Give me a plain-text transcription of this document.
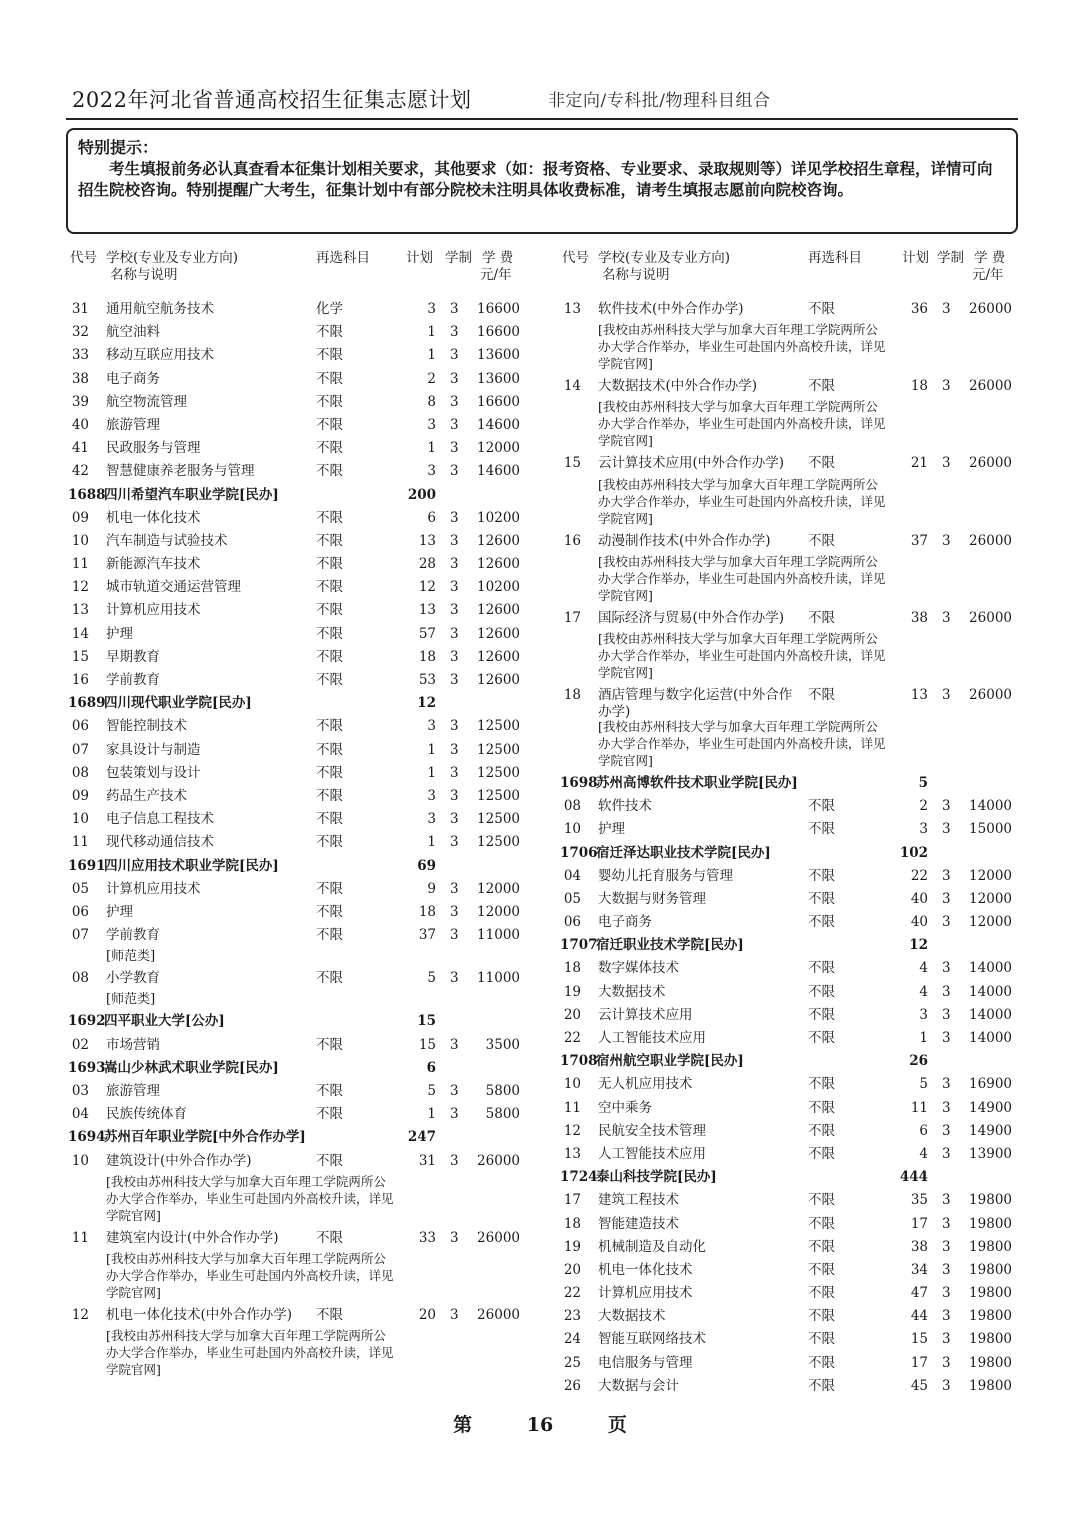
2022年河北省普通高校招生征集志愿计划	非定向/专科批/物理科目组合
特别提示：
考生填报前务必认真查看本征集计划相关要求，其他要求（如：报考资格、专业要求、录取规则等）详见学校招生章程，详情可向招生院校咨询。特别提醒广大考生，征集计划中有部分院校未注明具体收费标准，请考生填报志愿前向院校咨询。
代号 学校(专业及专业方向)
名称与说明
再选科目	计划 学制 学 费
元/年
31 通用航空航务技术	化学	3 3 16600
32 航空油料	不限	1 3 16600
33 移动互联应用技术	不限	1 3 13600
38 电子商务	不限	2 3 13600
39 航空物流管理	不限	8 3 16600
40 旅游管理	不限	3 3 14600
41 民政服务与管理	不限	1 3 12000
42 智慧健康养老服务与管理	不限	3 3 14600
1688
四川希望汽车职业学院[民办]	200
09 机电一体化技术	不限	6 3 10200
10 汽车制造与试验技术	不限	13 3 12600
11 新能源汽车技术	不限	28 3 12600
12 城市轨道交通运营管理	不限	12 3 10200
13 计算机应用技术	不限	13 3 12600
14 护理	不限	57 3 12600
15 早期教育	不限	18 3 12600
16 学前教育	不限	53 3 12600
1689
四川现代职业学院[民办]	12
06 智能控制技术	不限	3 3 12500
07 家具设计与制造	不限	1 3 12500
08 包装策划与设计	不限	1 3 12500
09 药品生产技术	不限	3 3 12500
10 电子信息工程技术	不限	3 3 12500
11 现代移动通信技术	不限	1 3 12500
1691
四川应用技术职业学院[民办]	69
05 计算机应用技术	不限	9 3 12000
06 护理	不限	18 3 12000
07 学前教育	不限	37 3 11000
[师范类]
08 小学教育	不限	5 3 11000
[师范类]
1692
四平职业大学[公办]	15
02 市场营销	不限	15 3 3500
1693
嵩山少林武术职业学院[民办]	6
03 旅游管理	不限	5 3 5800
04 民族传统体育	不限	1 3 5800
1694
苏州百年职业学院[中外合作办学]	247
10 建筑设计(中外合作办学)	不限	31 3 26000
[我校由苏州科技大学与加拿大百年理工学院两所公办大学合作举办，毕业生可赴国内外高校升读，详见学院官网]
11 建筑室内设计(中外合作办学)	不限	33 3 26000
[我校由苏州科技大学与加拿大百年理工学院两所公办大学合作举办，毕业生可赴国内外高校升读，详见学院官网]
12 机电一体化技术(中外合作办学) 不限	20 3 26000
[我校由苏州科技大学与加拿大百年理工学院两所公办大学合作举办，毕业生可赴国内外高校升读，详见学院官网]
代号 学校(专业及专业方向)
名称与说明
再选科目	计划 学制 学 费
元/年
13 软件技术(中外合作办学)	不限	36 3 26000
[我校由苏州科技大学与加拿大百年理工学院两所公办大学合作举办，毕业生可赴国内外高校升读，详见学院官网]
14 大数据技术(中外合作办学)	不限	18 3 26000
[我校由苏州科技大学与加拿大百年理工学院两所公办大学合作举办，毕业生可赴国内外高校升读，详见学院官网]
15 云计算技术应用(中外合作办学) 不限	21 3 26000
[我校由苏州科技大学与加拿大百年理工学院两所公办大学合作举办，毕业生可赴国内外高校升读，详见学院官网]
16 动漫制作技术(中外合作办学)	不限	37 3 26000
[我校由苏州科技大学与加拿大百年理工学院两所公办大学合作举办，毕业生可赴国内外高校升读，详见学院官网]
17 国际经济与贸易(中外合作办学) 不限	38 3 26000
[我校由苏州科技大学与加拿大百年理工学院两所公办大学合作举办，毕业生可赴国内外高校升读，详见学院官网]
18 酒店管理与数字化运营(中外合作办学)
不限	13 3 26000
[我校由苏州科技大学与加拿大百年理工学院两所公办大学合作举办，毕业生可赴国内外高校升读，详见学院官网]
1698
苏州高博软件技术职业学院[民办]	5
08 软件技术	不限	2 3 14000
10 护理	不限	3 3 15000
1706
宿迁泽达职业技术学院[民办]	102
04 婴幼儿托育服务与管理	不限	22 3 12000
05 大数据与财务管理	不限	40 3 12000
06 电子商务	不限	40 3 12000
1707
宿迁职业技术学院[民办]	12
18 数字媒体技术	不限	4 3 14000
19 大数据技术	不限	4 3 14000
20 云计算技术应用	不限	3 3 14000
22 人工智能技术应用	不限	1 3 14000
1708
宿州航空职业学院[民办]	26
10 无人机应用技术	不限	5 3 16900
11 空中乘务	不限	11 3 14900
12 民航安全技术管理	不限	6 3 14900
13 人工智能技术应用	不限	4 3 13900
1724
泰山科技学院[民办]	444
17 建筑工程技术	不限	35 3 19800
18 智能建造技术	不限	17 3 19800
19 机械制造及自动化	不限	38 3 19800
20 机电一体化技术	不限	34 3 19800
22 计算机应用技术	不限	47 3 19800
23 大数据技术	不限	44 3 19800
24 智能互联网络技术	不限	15 3 19800
25 电信服务与管理	不限	17 3 19800
26 大数据与会计	不限	45 3 19800
第	16	页
